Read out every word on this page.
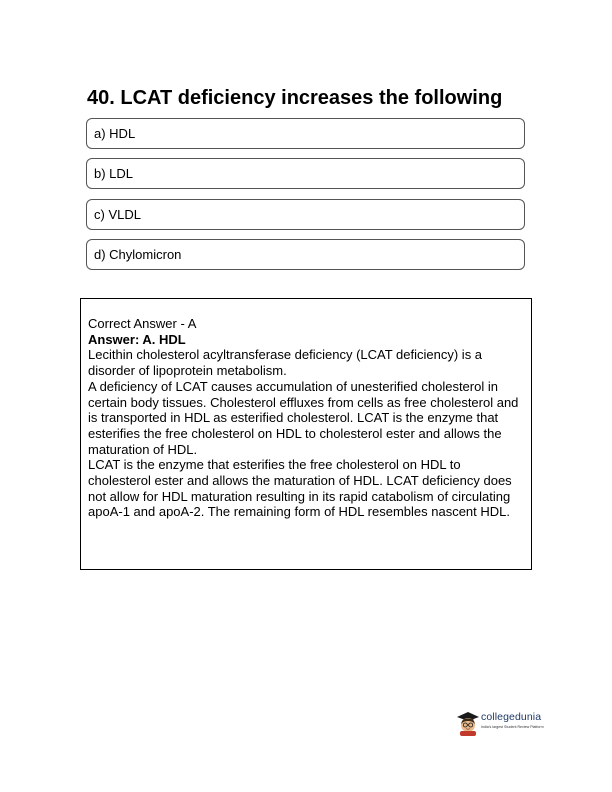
40. LCAT deficiency increases the following
a) HDL
b) LDL
c) VLDL
d) Chylomicron

Correct Answer - A

Answer: A. HDL

Lecithin cholesterol acyltransferase deficiency (LCAT deficiency) is a disorder of lipoprotein metabolism.

A deficiency of LCAT causes accumulation of unesterified cholesterol in certain body tissues. Cholesterol effluxes from cells as free cholesterol and is transported in HDL as esterified cholesterol. LCAT is the enzyme that esterifies the free cholesterol on HDL to cholesterol ester and allows the maturation of HDL.

LCAT is the enzyme that esterifies the free cholesterol on HDL to cholesterol ester and allows the maturation of HDL. LCAT deficiency does not allow for HDL maturation resulting in its rapid catabolism of circulating apoA-1 and apoA-2. The remaining form of HDL resembles nascent HDL.

collegedunia
India's largest Student Review Platform
